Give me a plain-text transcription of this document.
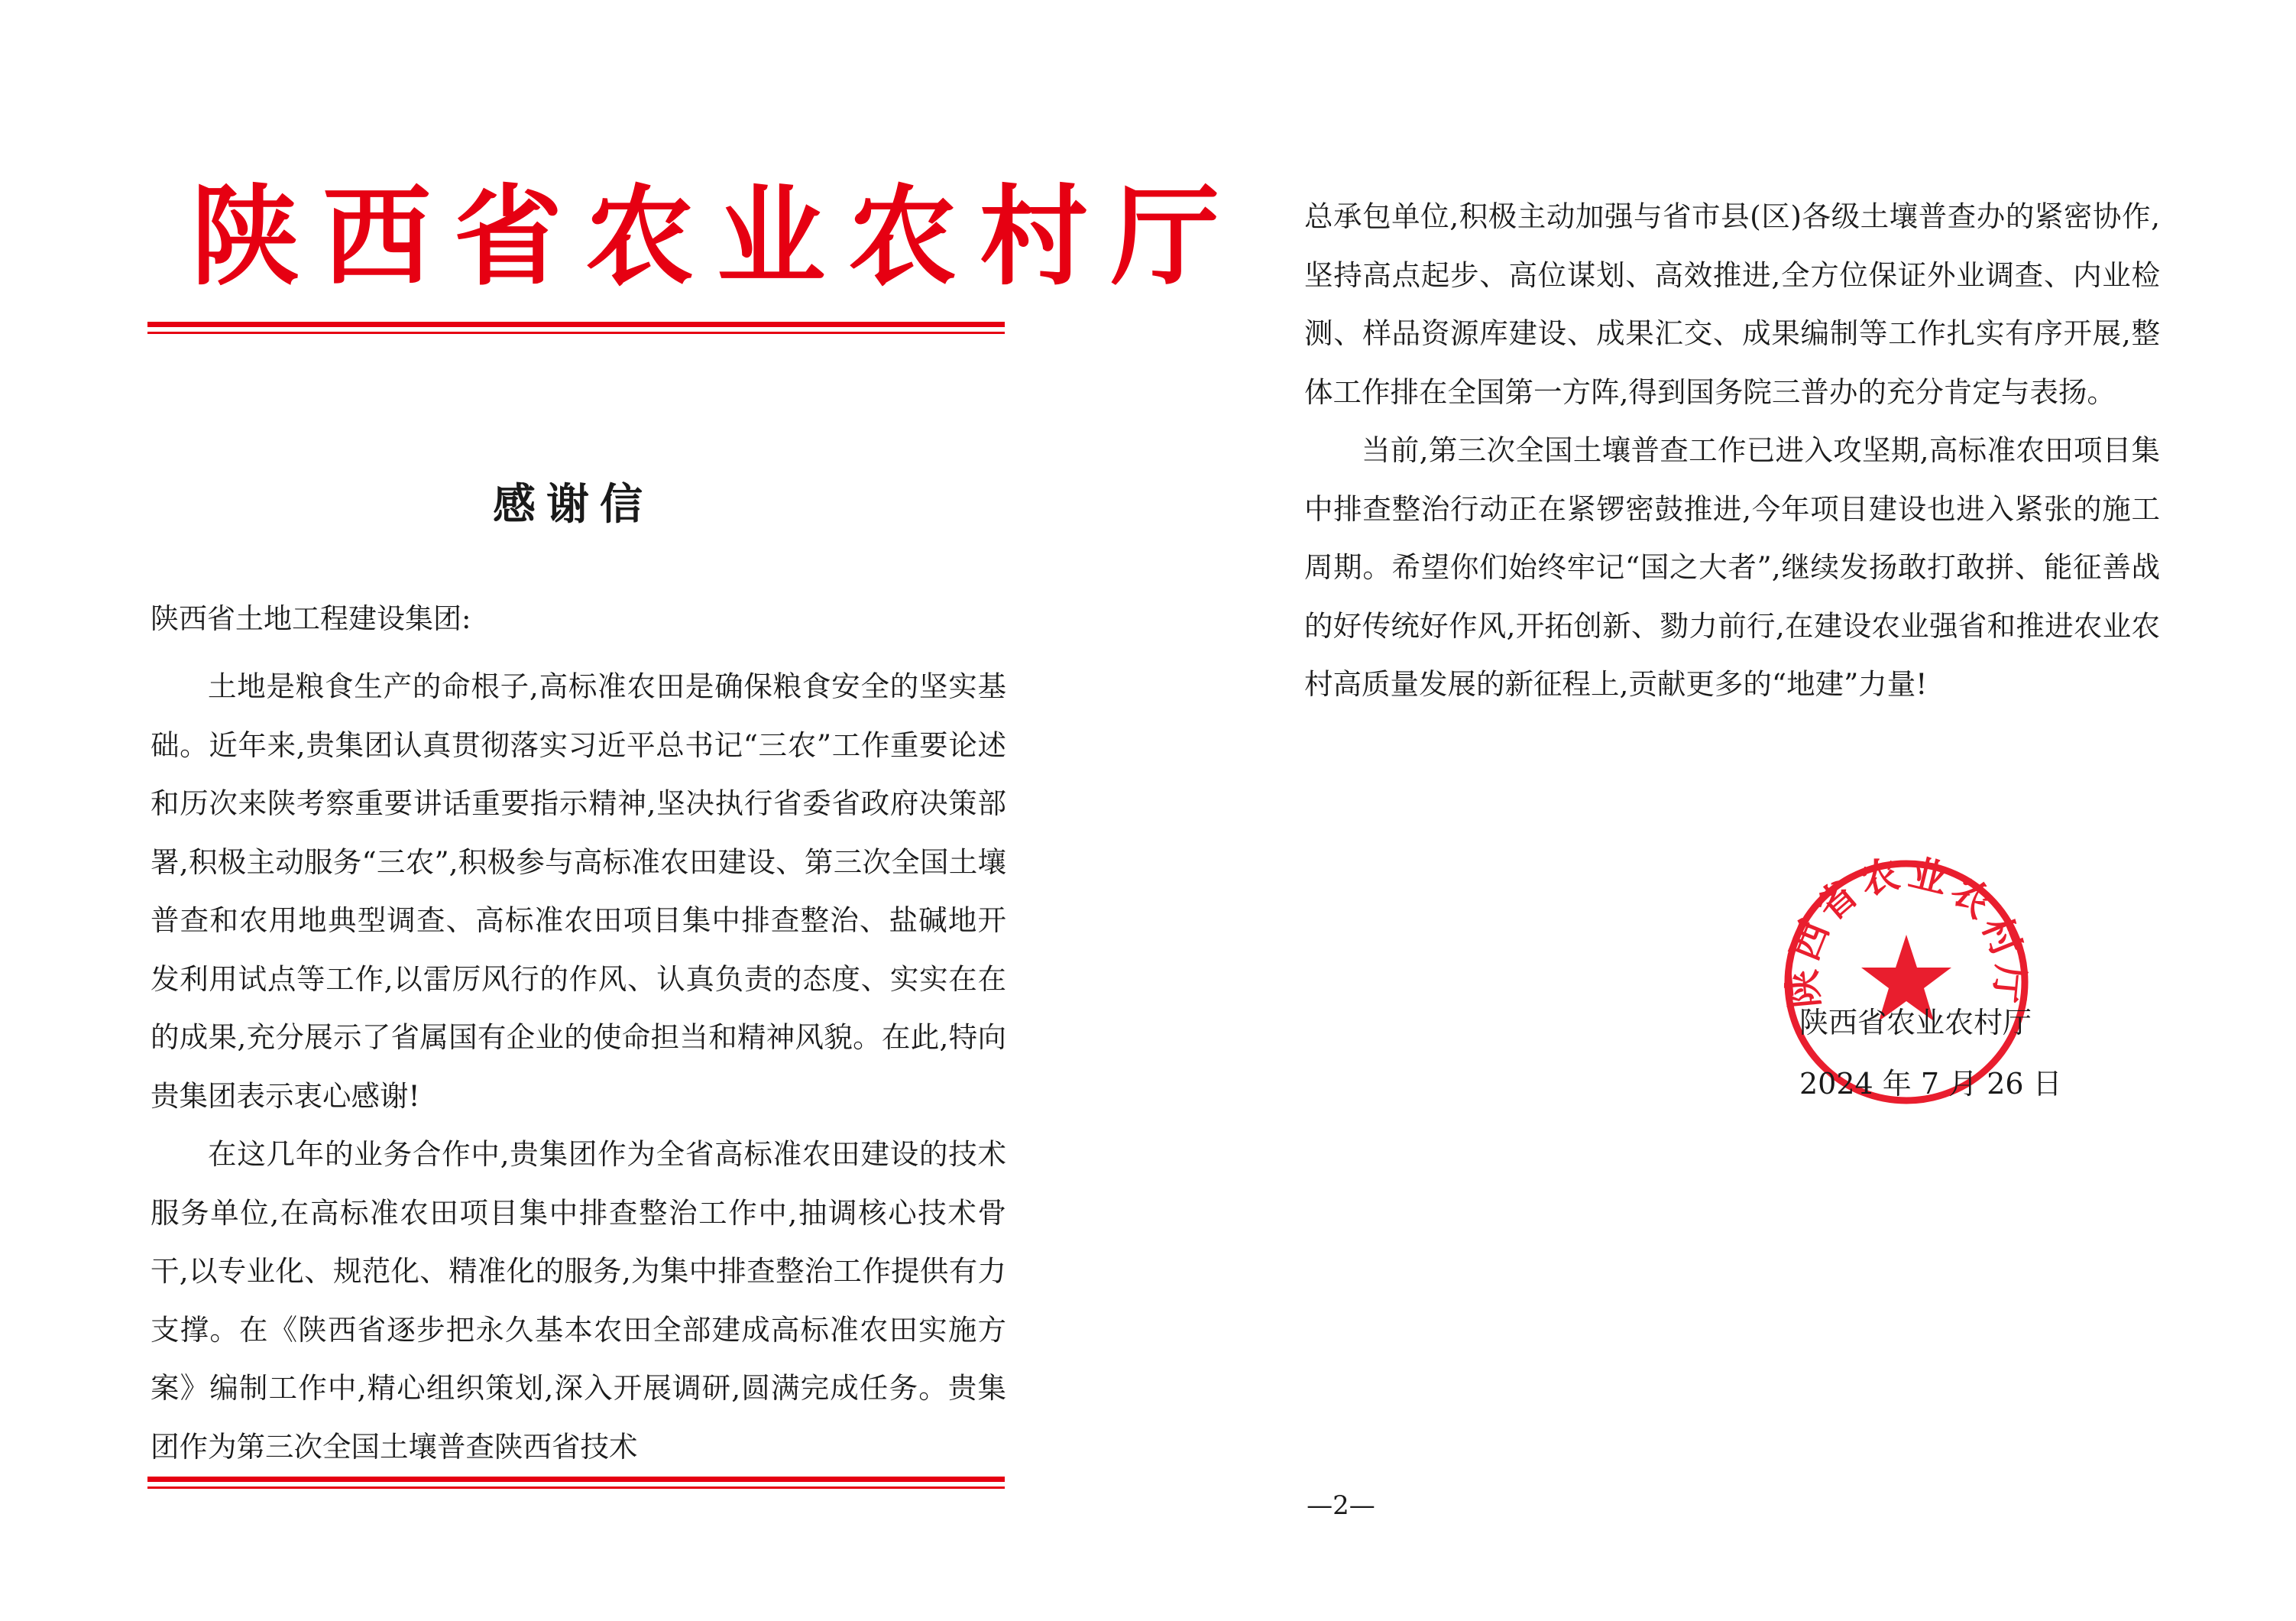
陕西省农业农村厅
感谢信
陕西省土地工程建设集团:

土地是粮食生产的命根子,高标准农田是确保粮食安全的坚实基础。近年来,贵集团认真贯彻落实习近平总书记“三农”工作重要论述和历次来陕考察重要讲话重要指示精神,坚决执行省委省政府决策部署,积极主动服务“三农”,积极参与高标准农田建设、第三次全国土壤普查和农用地典型调查、高标准农田项目集中排查整治、盐碱地开发利用试点等工作,以雷厉风行的作风、认真负责的态度、实实在在的成果,充分展示了省属国有企业的使命担当和精神风貌。在此,特向贵集团表示衷心感谢!

在这几年的业务合作中,贵集团作为全省高标准农田建设的技术服务单位,在高标准农田项目集中排查整治工作中,抽调核心技术骨干,以专业化、规范化、精准化的服务,为集中排查整治工作提供有力支撑。在《陕西省逐步把永久基本农田全部建成高标准农田实施方案》编制工作中,精心组织策划,深入开展调研,圆满完成任务。贵集团作为第三次全国土壤普查陕西省技术

总承包单位,积极主动加强与省市县(区)各级土壤普查办的紧密协作,坚持高点起步、高位谋划、高效推进,全方位保证外业调查、内业检测、样品资源库建设、成果汇交、成果编制等工作扎实有序开展,整体工作排在全国第一方阵,得到国务院三普办的充分肯定与表扬。

当前,第三次全国土壤普查工作已进入攻坚期,高标准农田项目集中排查整治行动正在紧锣密鼓推进,今年项目建设也进入紧张的施工周期。希望你们始终牢记“国之大者”,继续发扬敢打敢拼、能征善战的好传统好作风,开拓创新、勠力前行,在建设农业强省和推进农业农村高质量发展的新征程上,贡献更多的“地建”力量!

陕西省农业农村厅
陕西省农业农村厅
2024 年 7 月 26 日
—2—
